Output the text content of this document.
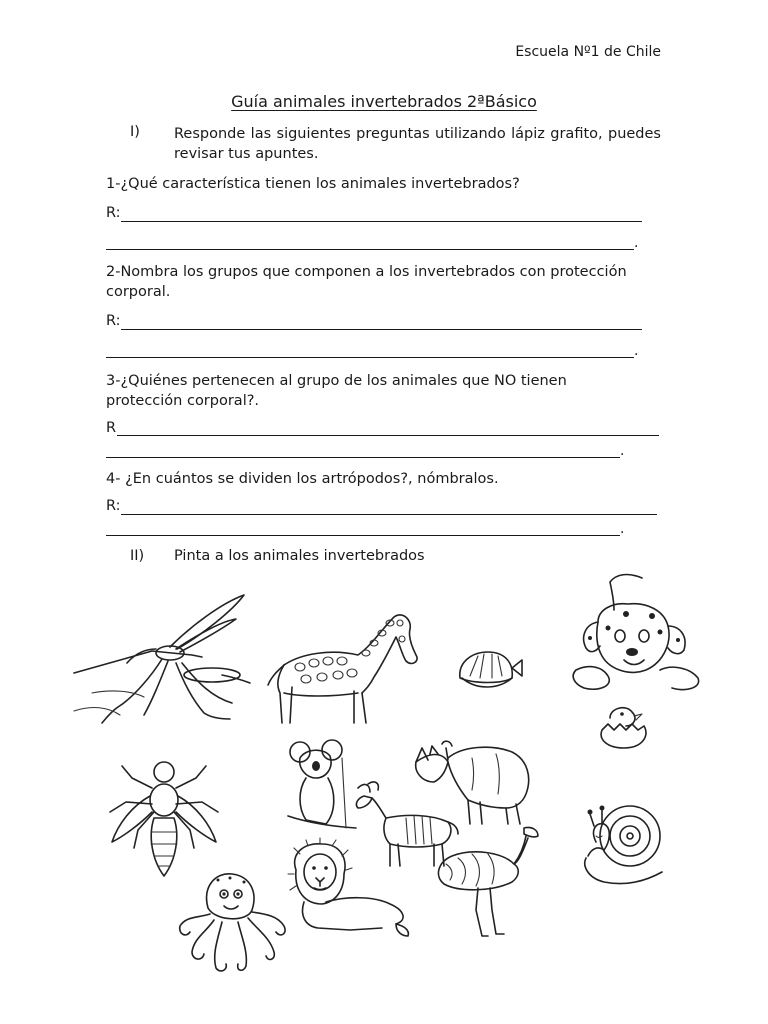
Escuela Nº1 de Chile
Guía animales invertebrados 2ªBásico
I) Responde las siguientes preguntas utilizando lápiz grafito, puedes revisar tus apuntes.
1-¿Qué característica tienen los animales invertebrados?
R:
.
2-Nombra los grupos que componen a los invertebrados con protección corporal.
R:
.
3-¿Quiénes pertenecen al grupo de los animales que NO tienen protección corporal?.
R
.
4- ¿En cuántos se dividen los artrópodos?, nómbralos.
R:
.
II) Pinta a los animales invertebrados
